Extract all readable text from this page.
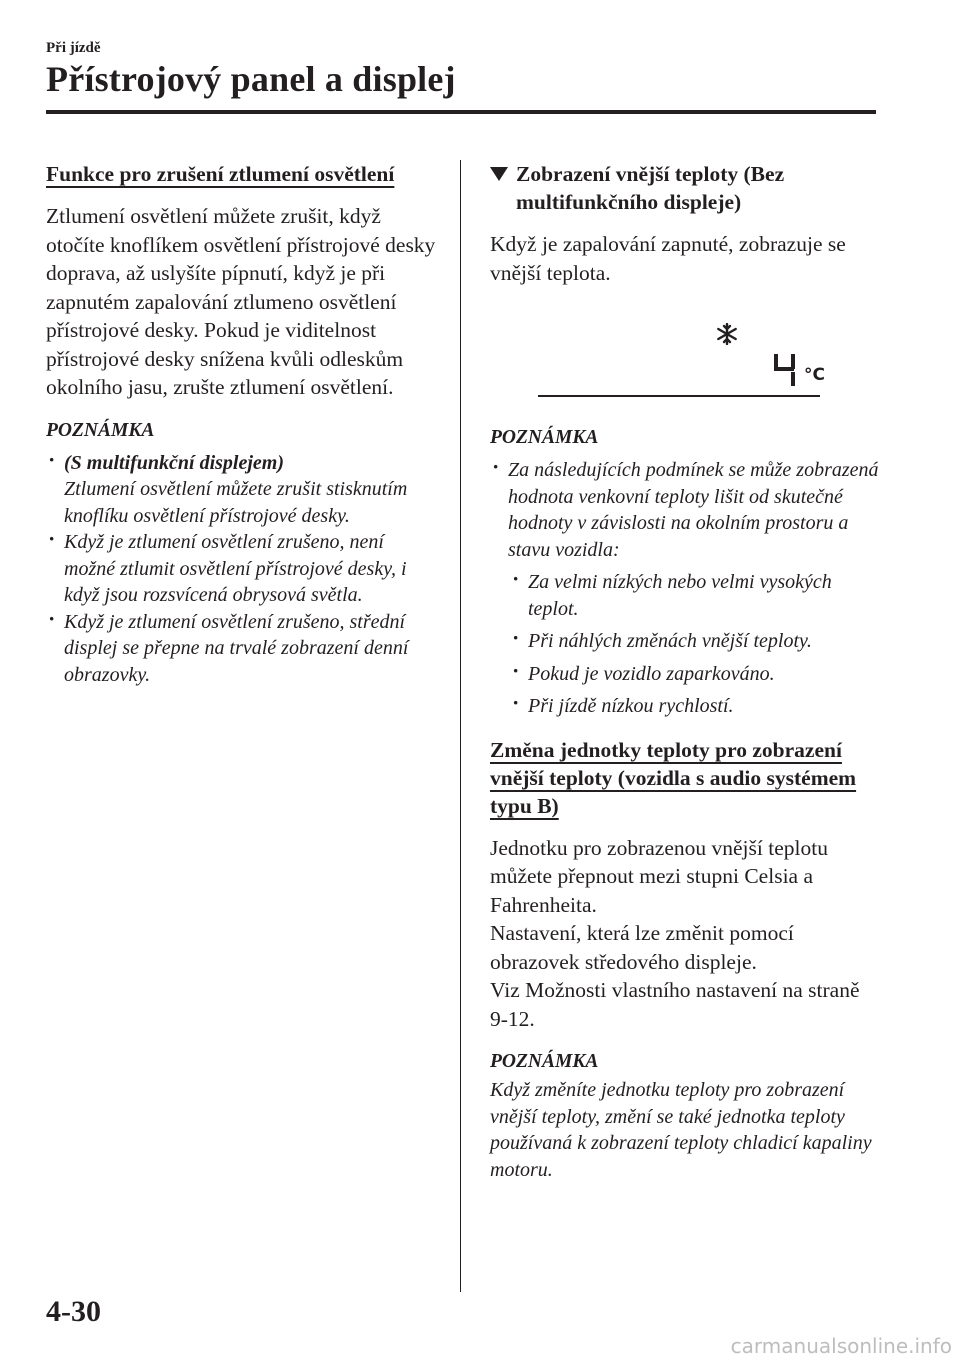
Při jízdě
Přístrojový panel a displej
Funkce pro zrušení ztlumení osvětlení
Ztlumení osvětlení můžete zrušit, když otočíte knoflíkem osvětlení přístrojové desky doprava, až uslyšíte pípnutí, když je při zapnutém zapalování ztlumeno osvětlení přístrojové desky. Pokud je viditelnost přístrojové desky snížena kvůli odleskům okolního jasu, zrušte ztlumení osvětlení.
POZNÁMKA
· (S multifunkční displejem)
Ztlumení osvětlení můžete zrušit stisknutím knoflíku osvětlení přístrojové desky.
· Když je ztlumení osvětlení zrušeno, není možné ztlumit osvětlení přístrojové desky, i když jsou rozsvícená obrysová světla.
· Když je ztlumení osvětlení zrušeno, střední displej se přepne na trvalé zobrazení denní obrazovky.
Zobrazení vnější teploty (Bez multifunkčního displeje)
Když je zapalování zapnuté, zobrazuje se vnější teplota.
°C
POZNÁMKA
· Za následujících podmínek se může zobrazená hodnota venkovní teploty lišit od skutečné hodnoty v závislosti na okolním prostoru a stavu vozidla:
· Za velmi nízkých nebo velmi vysokých teplot.
· Při náhlých změnách vnější teploty.
· Pokud je vozidlo zaparkováno.
· Při jízdě nízkou rychlostí.
Změna jednotky teploty pro zobrazení vnější teploty (vozidla s audio systémem typu B)
Jednotku pro zobrazenou vnější teplotu můžete přepnout mezi stupni Celsia a Fahrenheita.
Nastavení, která lze změnit pomocí obrazovek středového displeje.
Viz Možnosti vlastního nastavení na straně 9-12.
POZNÁMKA
Když změníte jednotku teploty pro zobrazení vnější teploty, změní se také jednotka teploty používaná k zobrazení teploty chladicí kapaliny motoru.
4-30
carmanualsonline.info
